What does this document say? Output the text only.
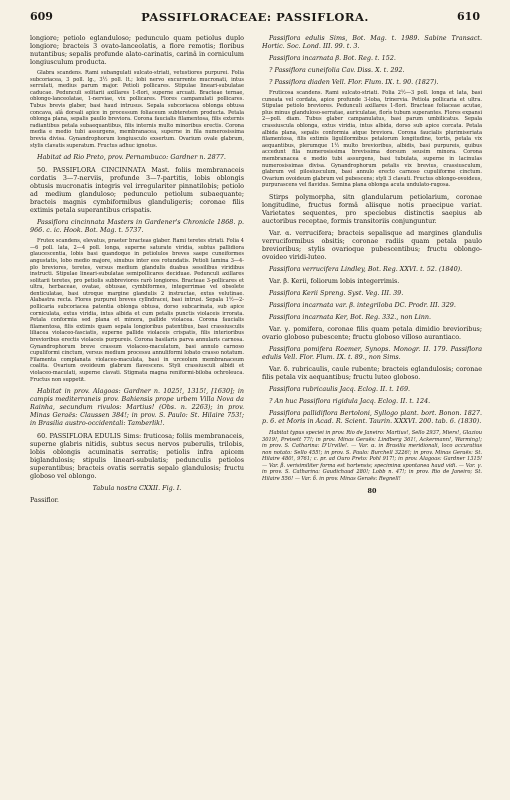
609	PASSIFLORACEAE: PASSIFLORA.	610

longiore; petiolo eglanduloso; pedunculo quam petiolus duplo longiore; bracteis 3 ovato-lanceolatis, a flore remotis; floribus nutantibus; sepalis profunde alato-carinatis, carinâ in corniculum longiusculum producta.

Glabra scandens. Rami subangulati sulcato-striati, vetustiores purpurei. Folia subcoriacea, 3 poll. lg., 3½ poll. lt.; lobi nervo excurrente mucronati, intus serrulati, medius parum major. Petioli pollicares. Stipulae lineari-subulatae caducae. Pedunculi solitarii axillares 1-flori, superne arcuati. Bracteae ternae, oblongo-lanceolatae, 1-nerviae, vix pollicares. Flores campanulati pollicares. Tubus brevis glaber, basi haud intrusus. Sepala subcoriacea oblonga obtusa concava, alâ dorsali apice in processum foliaceum subteretem producta. Petala oblonga plana, sepalis paullo breviora. Corona faucialis filamentosa, filis externis radiantibus petala subaequantibus, filis internis multo minoribus erectis. Corona media e medio tubi assurgens, membranacea, superne in fila numerosissima brevia divisa. Gynandrophorum longiusculo exsertum. Ovarium ovale glabrum, stylis clavatis superatum. Fructus adhuc ignotus.

Habitat ad Rio Preto, prov. Pernambuco: Gardner n. 2877.

50. PASSIFLORA CINCINNATA Mast. foliis membranaceis cordatis 3—7-nerviis, profunde 3—7-partitis, lobis oblongis obtusis mucronatis integris vel irregulariter pinnatilobis; petiolo ad medium glanduloso; pedunculo petiolum subaequante; bracteis magnis cymbiformibus glanduligeris; coronae filis extimis petala superantibus crispatis.

Passiflora cincinnata Masters in Gardener's Chronicle 1868. p. 966. c. ic. Hook. Bot. Mag. t. 5737.

Frutex scandens, elevatus, praeter bracteas glaber. Rami teretes striati. Folia 4—6 poll. lata, 2—4 poll. longa, superne saturate viridia, subtus pallidiora glaucescentia, lobis basi quandoque in petiolulos breves saepe cuneiformes angustatis, lobo medio majore, sinubus inter eos rotundatis. Petioli lamina 3—4-plo breviores, teretes, versus medium glandulis duabus sessilibus viridibus instructi. Stipulae lineari-subulatae semipollicares deciduae. Pedunculi axillares solitarii teretes, pro petiolis subbreviores rarò longiores. Bracteae 3-pollicares et ultra, herbaceae, ovatae, obtusae, cymbiformes, integerrimae vel obsolete denticulatae, basi utroque margine glandulis 2 instructae, extus velutinae. Alabastra recta. Flores purpurei breves cyllndracei, basi intrusi. Sepala 1½—2-pollicaria subcoriacea patentia oblonga obtusa, dorso subcarinata, sub apice corniculata, extus viridia, intus albida et cum petalis punctis violaceis irrorata. Petala conformia sed plana et minora, pallide violacea. Corona faucialis filamentosa, filis extimis quam sepala longioribus patentibus, basi crassiusculis liliacea violaceo-fasciatis, superne pallide violaceis crispatis, filis interioribus brevioribus erectis violaceis purpureis. Corona basilaris parva annularis carnosa. Gynandrophorum breve crassum violaceo-maculatum, basi annulo carnoso cupuliformi cinctum, versus medium processu annuliformi lobato crasso notatum. Filamenta complanata violaceo-maculata, basi in urceolum membranaceum coalita. Ovarium ovoideum glabrum flavescens. Styli crassiusculi albidi et violaceo-maculati, superne clavati. Stigmata magna reniformi-biloba ochroleuca. Fructus non suppetit.

Habitat in prov. Alagoas: Gardner n. 1025!, 1315!, [1630]; in campis mediterraneis prov. Bahiensis prope urbem Villa Nova da Rainha, secundum rivulos: Martius! (Obs. n. 2263); in prov. Minas Geraës: Claussen 384!; in prov. S. Paulo: St. Hilaire 753!; in Brasilia austro-occidentali: Tamberlik!.

60. PASSIFLORA EDULIS Sims: fruticosa; foliis membranaceis, superne glabris nitidis, subtus secus nervos puberulis, trilobis, lobis oblongis acuminatis serratis; petiolis infra apicem biglandulosis; stipulis lineari-subulatis; pedunculis petiolos superantibus; bracteis ovatis serratis sepalo glandulosis; fructu globoso vel oblongo.

Tabula nostra CXXII. Fig. I.

Passiflor.

Passiflora edulis Sims, Bot. Mag. t. 1989. Sabine Transact. Hortic. Soc. Lond. III. 99. t. 3.

Passiflora incarnata β. Bot. Reg. t. 152.

? Passiflora cuneifolia Cav. Diss. X. t. 292.

? Passiflora diaden Vell. Flor. Flum. IX. t. 90. (1827).

Fruticosa scandens. Rami sulcato-striati. Folia 2½—3 poll. longa et lata, basi cuneata vel cordata, apice profunde 3-loba, trinervia. Petiola pollicaria et ultra. Stipulae petiolo breviores. Pedunculi axillares 1-flori. Bracteae foliaceae acutae, plus minus glanduloso-serratae, auriculatae, florìs tubum superantes. Flores expansi 2—poll. diam. Tubus glaber campanulatus, basi parum umbilicatus. Sepala crassiuscula oblonga, extus viridia, intus albida, dorso sub apice corcata. Petala albida plana, sepalis conformia atque breviora. Corona faucialis plurimiseriata filamentosa, filis extimis ligulilormibus petalorum longitudine, tortis, petala vix aequantibus, plerumque 1½ multo brevioribus, albidis, basi purpureis, quibus accedunt fila numerosissima brevissima dorsum seusim minora. Corona membranacea e medio tubi assurgens, basi tubulata, superne in lacinulas numerosissimas divisa. Gynandrophorum petalis vix brevius, crassiusculum, glabrum vel pilosiusculum, basi annulo erecto carnoso cupuliforme cinctum. Ovarium ovoideum glabrum vel pubescens; styli 3 clavati. Fructus oblongo-ovoideus, purpurascens vel flavidus. Semina plana oblonga acuta undulato-rugosa.

Stirps polymorpha, sitn glandularum petiolarium, coronae longitudine, fructus formâ aliisque notis praecipue variat. Varietates sequentes, pro speciebus distinctis saepius ab auctoribus receptae, formis transitoriis conjunguntur.

Var. α. verrucifera; bracteis sepalisque ad margines glandulis verruciformibus obsitis; coronae radiis quam petala paulo brevioribus; stylis ovarioque pubescentibus; fructu oblongo-ovoideo viridi-luteo.

Passiflora verrucifera Lindley, Bot. Reg. XXVI. t. 52. (1840).

Var. β. Kerii, foliorum lobis integerrimis.

Passiflora Kerii Spreng. Syst. Veg. III. 39.

Passiflora incarnata var. β. integriloba DC. Prodr. III. 329.

Passiflora incarnata Ker, Bot. Reg. 332., non Linn.

Var. γ. pomifera, coronae filis quam petala dimidio brevioribus; ovario globoso pubescente; fructu globoso villoso aurantiaco.

Passiflora pomifera Roemer, Synops. Monogr. II. 179. Passiflora edulis Vell. Flor. Flum. IX. t. 89., non Sims.

Var. δ. rubricaulis, caule rubente; bracteis eglandulosis; coronae filis petala vix aequantibus; fructu luteo globoso.

Passiflora rubricaulis Jacq. Eclog. II. t. 169.

? An huc Passiflora rigidula Jacq. Eclog. II. t. 124.

Passiflora pallidiflora Bertoloni, Syllogo plant. bort. Bonon. 1827. p. 6. et Moris in Acad. R. Scient. Taurin. XXXVI. 200. tab. 6. (1830).

Habitat typus speciei in prov. Rio de Janeiro: Martius!, Sello 2937, Miers!, Glaziou 3019!, Preisett 77!; in prov. Minas Geraës: Lindberg 361!, Ackermann!, Warming!; in prov. S. Catharina: D'Urville!. — Var. α. in Brasilia meridionali, loco accuratius non notato: Sello 455!; in prov. S. Paulo: Burchell 3226!; in prov. Minas Geraës: St. Hilaire 480!, 9761; c. pr. ad Ouro Preto: Pohl 917!; in prov. Alagoas: Gardner 1315! — Var. β. verisimiliter forma est hortensis; speciminα spontanea haud vidi. — Var. γ. in prov. S. Catharina: Gaudichaud 280!; Lobb n. 47!; in prov. Rio de Janeiro; St. Hilaire 556! — Var. δ. in prov. Minas Geraës: Regnell!

80
